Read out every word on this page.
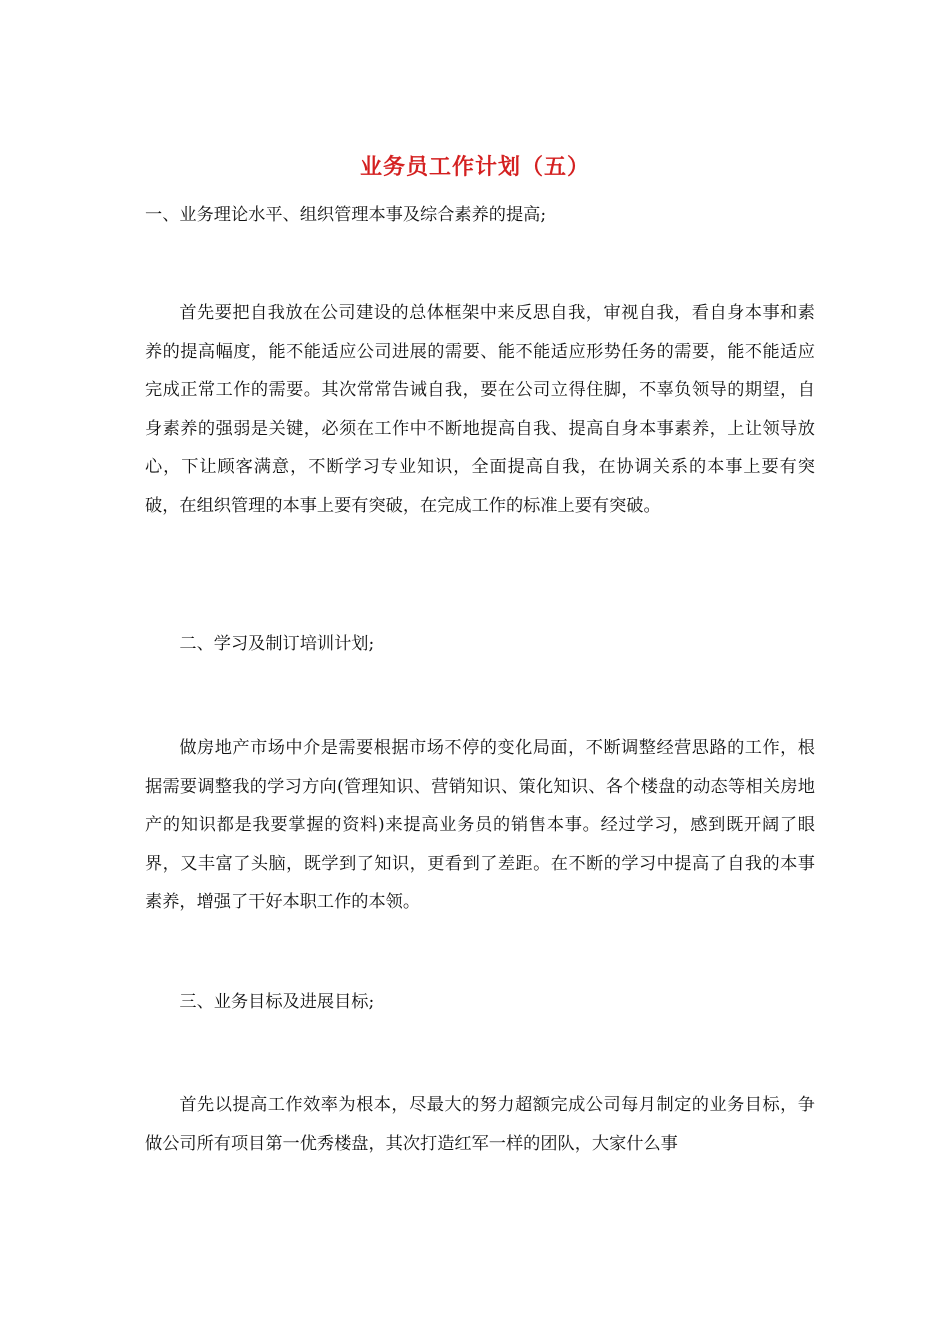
业务员工作计划（五）

一、业务理论水平、组织管理本事及综合素养的提高;

首先要把自我放在公司建设的总体框架中来反思自我，审视自我，看自身本事和素养的提高幅度，能不能适应公司进展的需要、能不能适应形势任务的需要，能不能适应完成正常工作的需要。其次常常告诫自我，要在公司立得住脚，不辜负领导的期望，自身素养的强弱是关键，必须在工作中不断地提高自我、提高自身本事素养，上让领导放心，下让顾客满意，不断学习专业知识，全面提高自我，在协调关系的本事上要有突破，在组织管理的本事上要有突破，在完成工作的标准上要有突破。

二、学习及制订培训计划;

做房地产市场中介是需要根据市场不停的变化局面，不断调整经营思路的工作，根据需要调整我的学习方向(管理知识、营销知识、策化知识、各个楼盘的动态等相关房地产的知识都是我要掌握的资料)来提高业务员的销售本事。经过学习，感到既开阔了眼界，又丰富了头脑，既学到了知识，更看到了差距。在不断的学习中提高了自我的本事素养，增强了干好本职工作的本领。

三、业务目标及进展目标;

首先以提高工作效率为根本，尽最大的努力超额完成公司每月制定的业务目标，争做公司所有项目第一优秀楼盘，其次打造红军一样的团队，大家什么事
